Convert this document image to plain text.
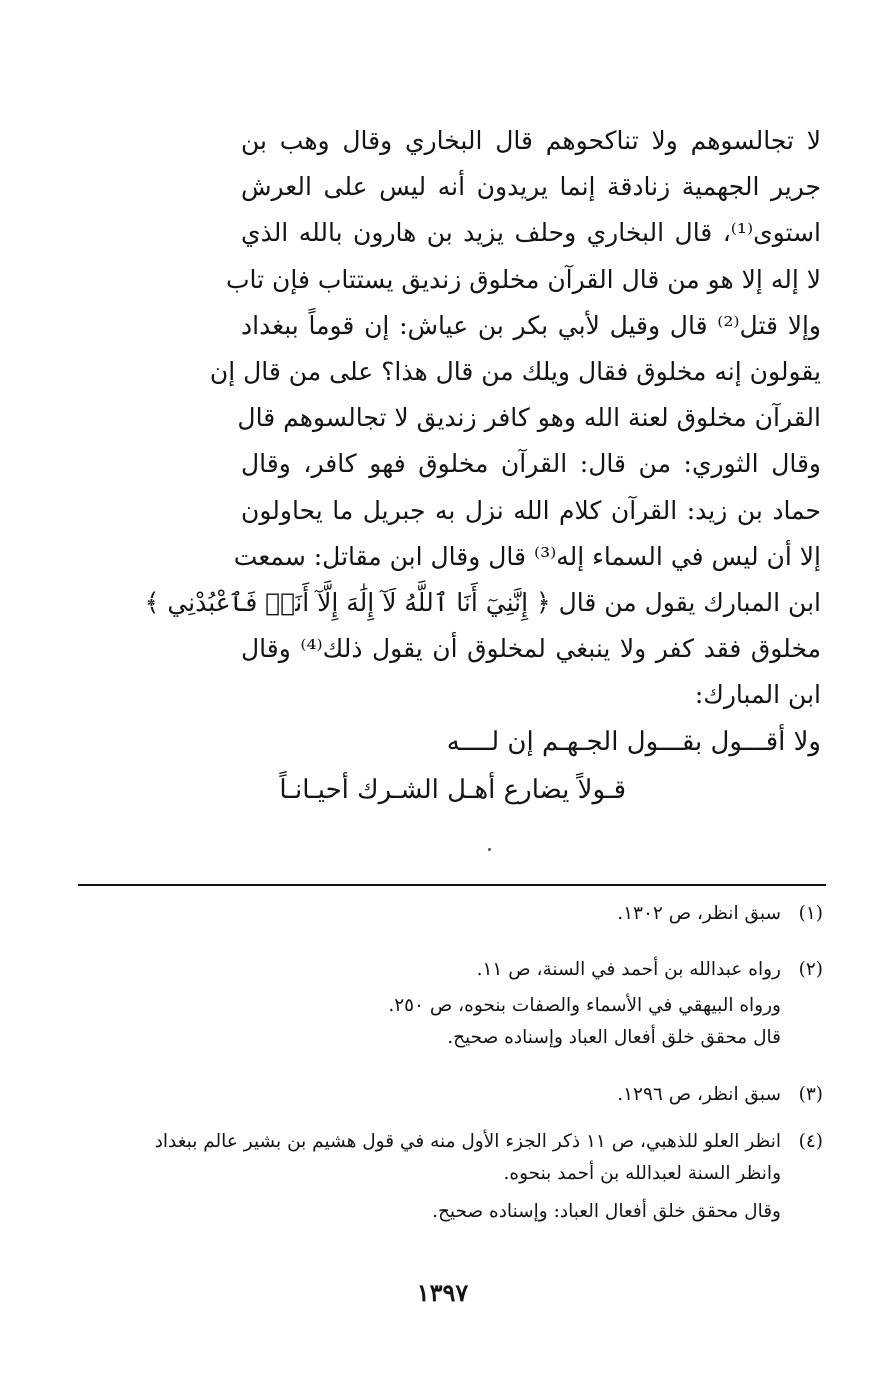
لا تجالسوهم ولا تناكحوهم قال البخاري وقال وهب بن
جرير الجهمية زنادقة إنما يريدون أنه ليس على العرش
استوى⁽¹⁾، قال البخاري وحلف يزيد بن هارون بالله الذي
لا إله إلا هو من قال القرآن مخلوق زنديق يستتاب فإن تاب
وإلا قتل⁽²⁾ قال وقيل لأبي بكر بن عياش: إن قوماً ببغداد
يقولون إنه مخلوق فقال ويلك من قال هذا؟ على من قال إن
القرآن مخلوق لعنة الله وهو كافر زنديق لا تجالسوهم قال
وقال الثوري: من قال: القرآن مخلوق فهو كافر، وقال
حماد بن زيد: القرآن كلام الله نزل به جبريل ما يحاولون
إلا أن ليس في السماء إله⁽³⁾ قال وقال ابن مقاتل: سمعت
ابن المبارك يقول من قال ﴿ إِنَّنِيٓ أَنَا ٱللَّهُ لَآ إِلَٰهَ إِلَّآ أَنَا۠ فَٱعْبُدْنِي ﴾
مخلوق فقد كفر ولا ينبغي لمخلوق أن يقول ذلك⁽⁴⁾ وقال
ابن المبارك:
ولا أقـــول بقـــول الجـهـم إن لــــه
قـولاً يضارع أهـل الشـرك أحيـانـاً
(١)
سبق انظر، ص ١٣٠٢.
(٢)
رواه عبدالله بن أحمد في السنة، ص ١١.
ورواه البيهقي في الأسماء والصفات بنحوه، ص ٢٥٠.
قال محقق خلق أفعال العباد وإسناده صحيح.
(٣)
سبق انظر، ص ١٢٩٦.
(٤)
انظر العلو للذهبي، ص ١١ ذكر الجزء الأول منه في قول هشيم بن بشير عالم ببغداد
وانظر السنة لعبدالله بن أحمد بنحوه.
وقال محقق خلق أفعال العباد: وإسناده صحيح.
١٣٩٧
